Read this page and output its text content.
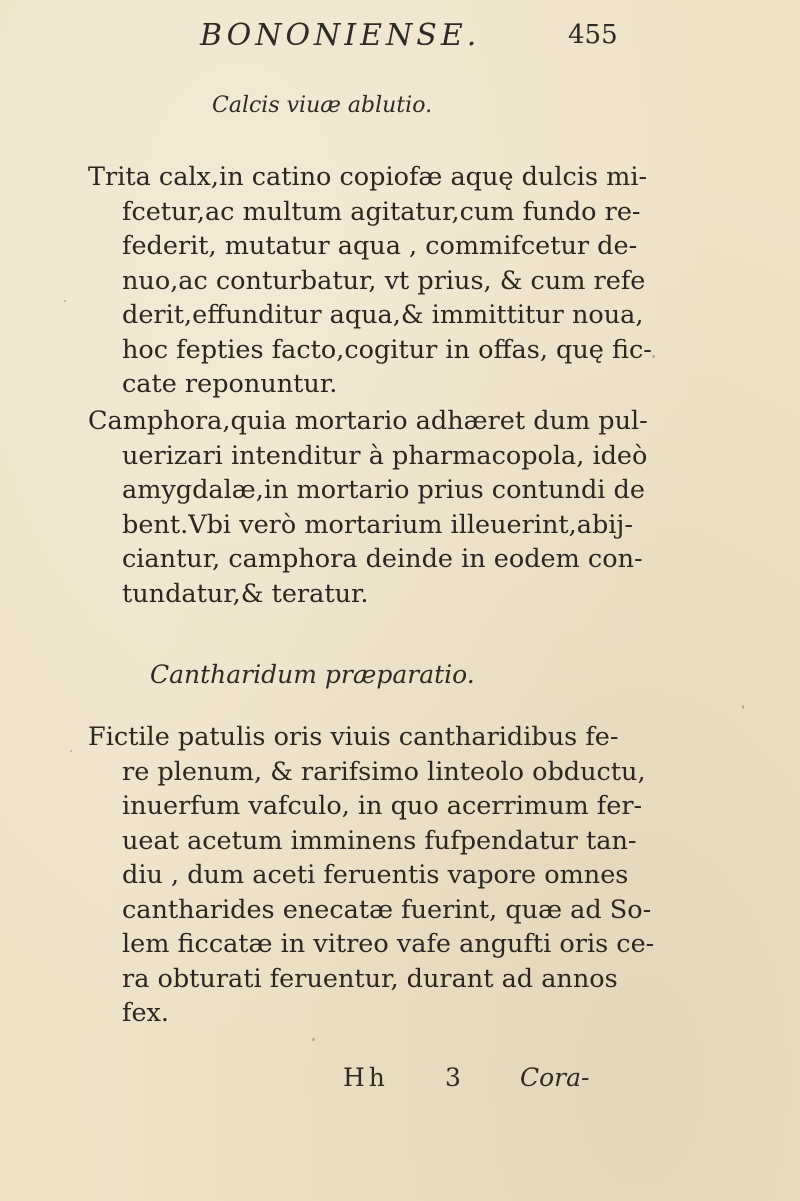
BONONIENSE.	455
Calcis viuæ ablutio.
Trita calx,in catino copiofæ aquę dulcis mi-
fcetur,ac multum agitatur,cum fundo re-
federit, mutatur aqua , commifcetur de-
nuo,ac conturbatur, vt prius, & cum refe
derit,effunditur aqua,& immittitur noua,
hoc fepties facto,cogitur in offas, quę fic-
cate reponuntur.
Camphora,quia mortario adhæret dum pul-
uerizari intenditur à pharmacopola, ideò
amygdalæ,in mortario prius contundi de
bent.Vbi verò mortarium illeuerint,abij-
ciantur, camphora deinde in eodem con-
tundatur,& teratur.
Cantharidum præparatio.
Fictile patulis oris viuis cantharidibus fe-
re plenum, & rarifsimo linteolo obductu,
inuerfum vafculo, in quo acerrimum fer-
ueat acetum imminens fufpendatur tan-
diu , dum aceti feruentis vapore omnes
cantharides enecatæ fuerint, quæ ad So-
lem ficcatæ in vitreo vafe angufti oris ce-
ra obturati feruentur, durant ad annos
fex.
Hh 3 Cora-
